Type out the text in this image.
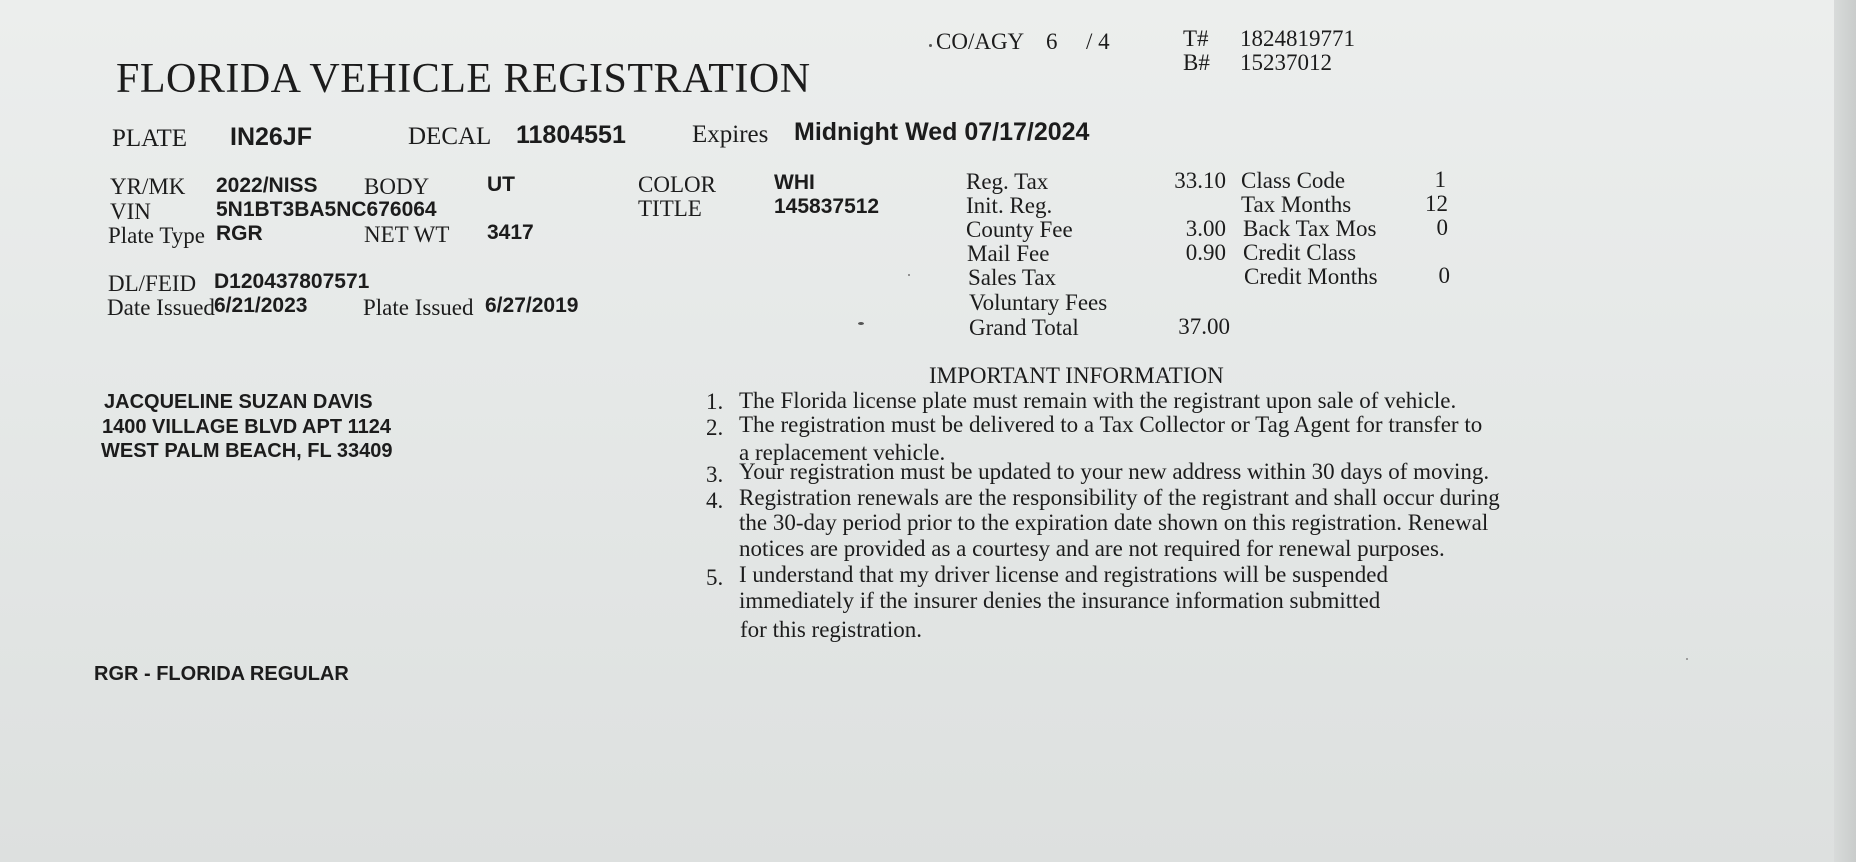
FLORIDA VEHICLE REGISTRATION
CO/AGY 6 / 4	T# 1824819771
B# 15237012
PLATE IN26JF	DECAL 11804551	Expires Midnight Wed 07/17/2024
YR/MK 2022/NISS BODY	UT	COLOR	WHI
VIN	5N1BT3BA5NC676064	TITLE	145837512
Plate Type RGR	NET WT 3417
DL/FEID D120437807571
Date Issued 6/21/2023 Plate Issued 6/27/2019
Reg. Tax	33.10
Init. Reg.
County Fee	3.00
Mail Fee	0.90
Sales Tax
Voluntary Fees
Grand Total	37.00
Class Code	1
Tax Months	12
Back Tax Mos	0
Credit Class
Credit Months	0
JACQUELINE SUZAN DAVIS
1400 VILLAGE BLVD APT 1124
WEST PALM BEACH, FL 33409
IMPORTANT INFORMATION
1. The Florida license plate must remain with the registrant upon sale of vehicle.
2. The registration must be delivered to a Tax Collector or Tag Agent for transfer to
a replacement vehicle.
3. Your registration must be updated to your new address within 30 days of moving.
4. Registration renewals are the responsibility of the registrant and shall occur during
the 30-day period prior to the expiration date shown on this registration. Renewal
notices are provided as a courtesy and are not required for renewal purposes.
5. I understand that my driver license and registrations will be suspended
immediately if the insurer denies the insurance information submitted
for this registration.
RGR - FLORIDA REGULAR
